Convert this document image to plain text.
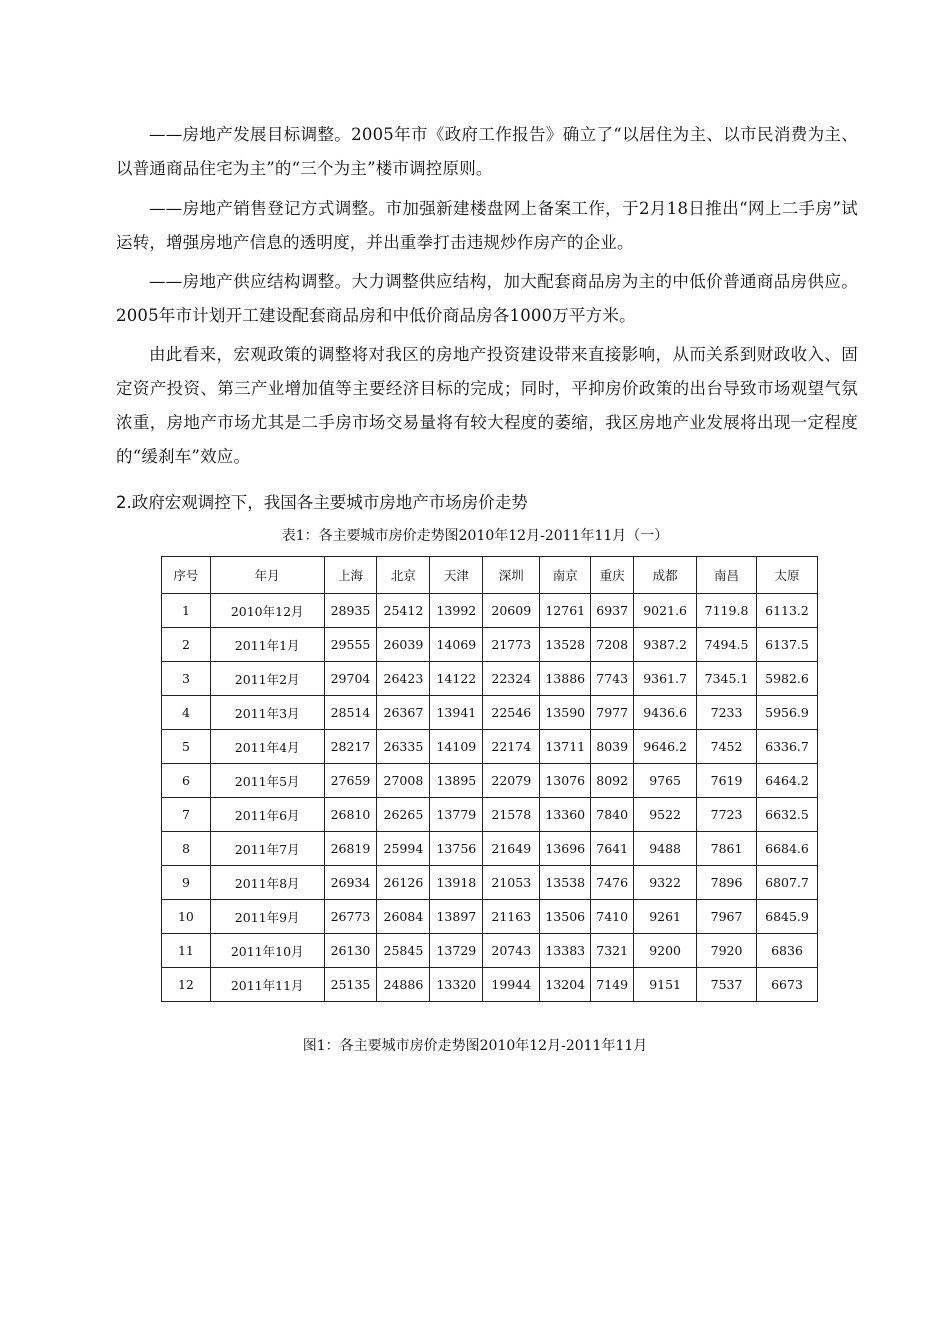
——房地产发展目标调整。2005年市《政府工作报告》确立了“以居住为主、以市民消费为主、以普通商品住宅为主”的“三个为主”楼市调控原则。

——房地产销售登记方式调整。市加强新建楼盘网上备案工作，于2月18日推出“网上二手房”试运转，增强房地产信息的透明度，并出重拳打击违规炒作房产的企业。

——房地产供应结构调整。大力调整供应结构，加大配套商品房为主的中低价普通商品房供应。2005年市计划开工建设配套商品房和中低价商品房各1000万平方米。

由此看来，宏观政策的调整将对我区的房地产投资建设带来直接影响，从而关系到财政收入、固定资产投资、第三产业增加值等主要经济目标的完成；同时，平抑房价政策的出台导致市场观望气氛浓重，房地产市场尤其是二手房市场交易量将有较大程度的萎缩，我区房地产业发展将出现一定程度的“缓刹车”效应。

2.政府宏观调控下，我国各主要城市房地产市场房价走势

表1：各主要城市房价走势图2010年12月-2011年11月（一）

序号	年月	上海	北京	天津	深圳	南京	重庆	成都	南昌	太原
1	2010年12月	28935	25412	13992	20609	12761	6937	9021.6	7119.8	6113.2
2	2011年1月	29555	26039	14069	21773	13528	7208	9387.2	7494.5	6137.5
3	2011年2月	29704	26423	14122	22324	13886	7743	9361.7	7345.1	5982.6
4	2011年3月	28514	26367	13941	22546	13590	7977	9436.6	7233	5956.9
5	2011年4月	28217	26335	14109	22174	13711	8039	9646.2	7452	6336.7
6	2011年5月	27659	27008	13895	22079	13076	8092	9765	7619	6464.2
7	2011年6月	26810	26265	13779	21578	13360	7840	9522	7723	6632.5
8	2011年7月	26819	25994	13756	21649	13696	7641	9488	7861	6684.6
9	2011年8月	26934	26126	13918	21053	13538	7476	9322	7896	6807.7
10	2011年9月	26773	26084	13897	21163	13506	7410	9261	7967	6845.9
11	2011年10月	26130	25845	13729	20743	13383	7321	9200	7920	6836
12	2011年11月	25135	24886	13320	19944	13204	7149	9151	7537	6673

图1：各主要城市房价走势图2010年12月-2011年11月
